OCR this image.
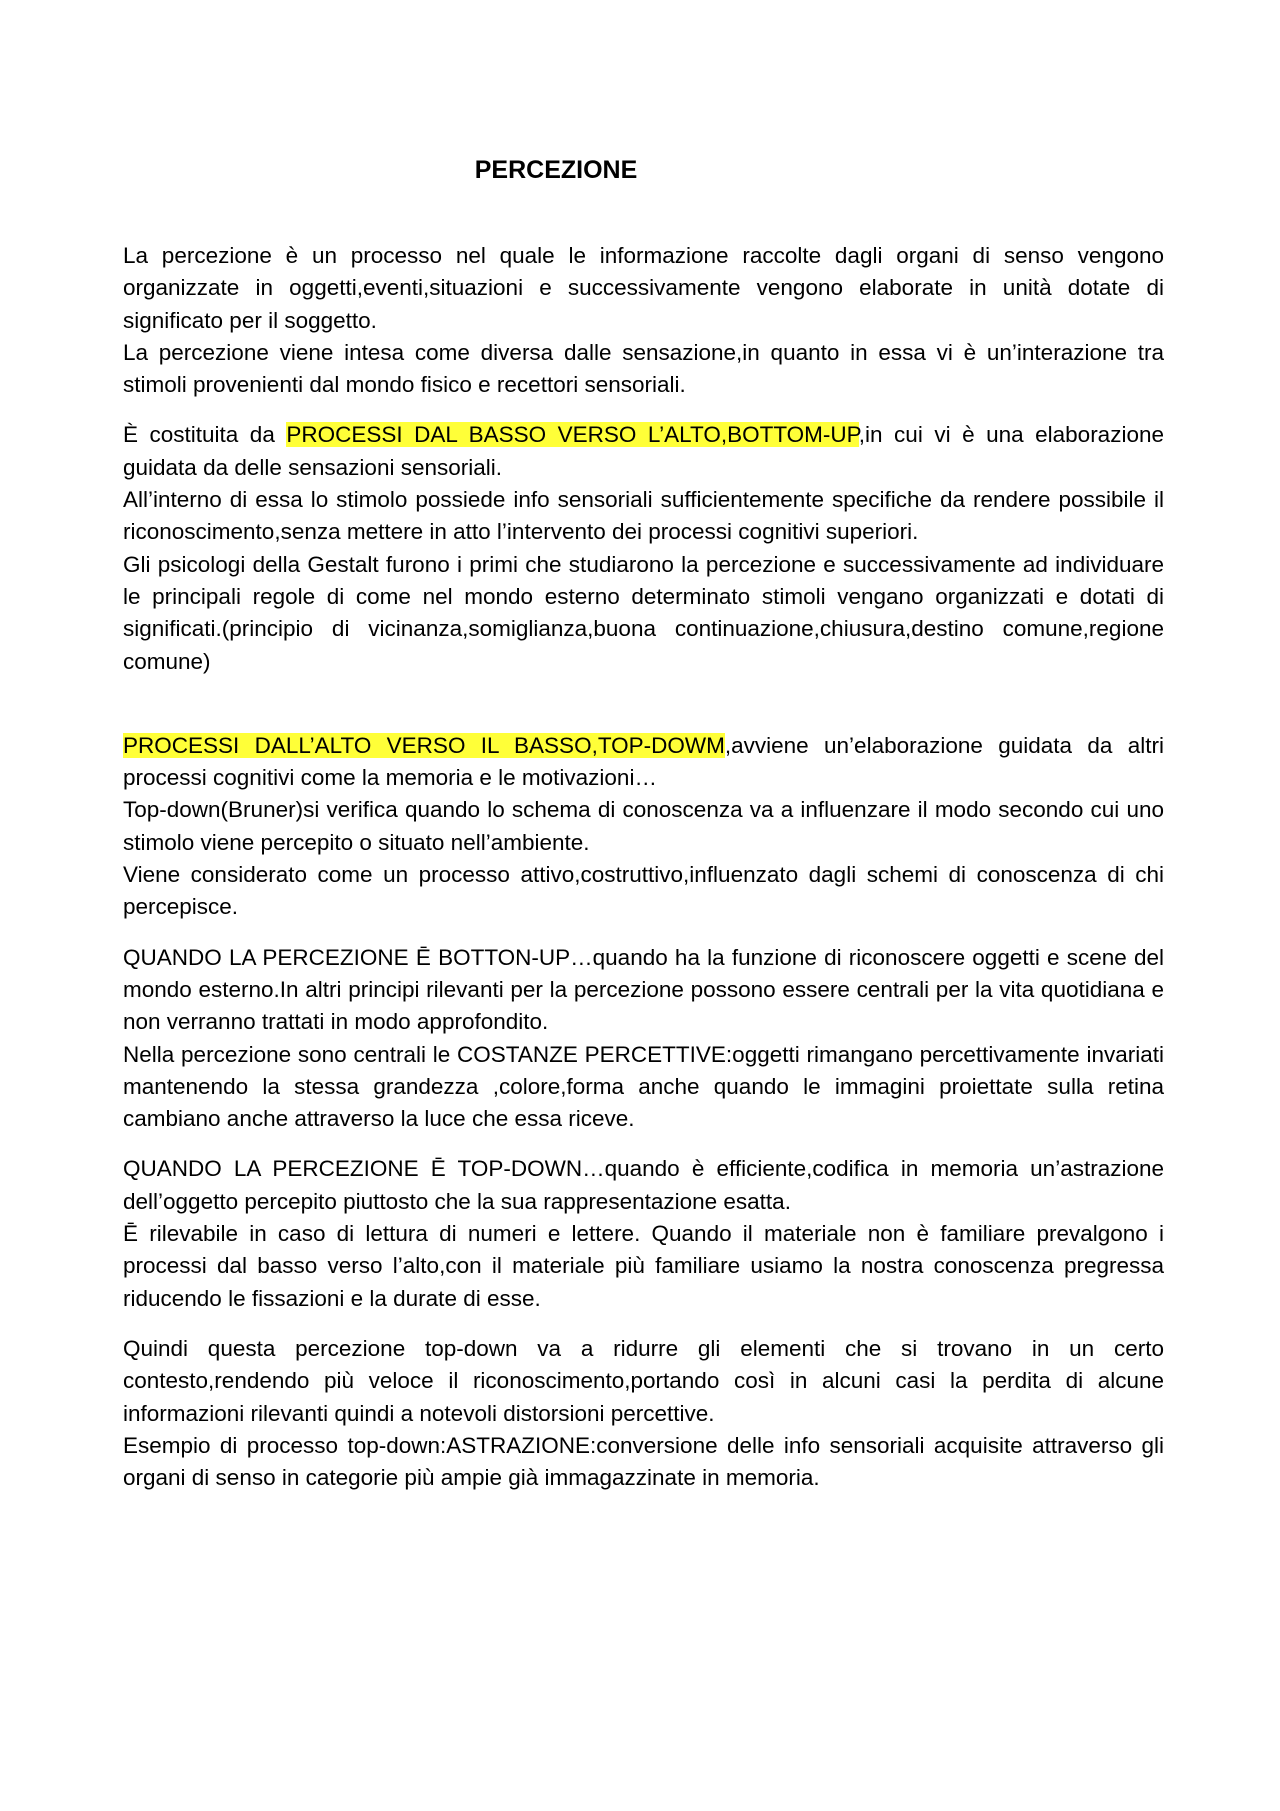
PERCEZIONE

La percezione è un processo nel quale le informazione raccolte dagli organi di senso vengono organizzate in oggetti,eventi,situazioni e successivamente vengono elaborate in unità dotate di significato per il soggetto.

La percezione viene intesa come diversa dalle sensazione,in quanto in essa vi è un’interazione tra stimoli provenienti dal mondo fisico e recettori sensoriali.

È costituita da PROCESSI DAL BASSO VERSO L’ALTO,BOTTOM-UP,in cui vi è una elaborazione guidata da delle sensazioni sensoriali.

All’interno di essa lo stimolo possiede info sensoriali sufficientemente specifiche da rendere possibile il riconoscimento,senza mettere in atto l’intervento dei processi cognitivi superiori.

Gli psicologi della Gestalt furono i primi che studiarono la percezione e successivamente ad individuare le principali regole di come nel mondo esterno determinato stimoli vengano organizzati e dotati di significati.(principio di vicinanza,somiglianza,buona continuazione,chiusura,destino comune,regione comune)

PROCESSI DALL’ALTO VERSO IL BASSO,TOP-DOWM,avviene un’elaborazione guidata da altri processi cognitivi come la memoria e le motivazioni…

Top-down(Bruner)si verifica quando lo schema di conoscenza va a influenzare il modo secondo cui uno stimolo viene percepito o situato nell’ambiente.

Viene considerato come un processo attivo,costruttivo,influenzato dagli schemi di conoscenza di chi percepisce.

QUANDO LA PERCEZIONE Ē BOTTON-UP…quando ha la funzione di riconoscere oggetti e scene del mondo esterno.In altri principi rilevanti per la percezione possono essere centrali per la vita quotidiana e non verranno trattati in modo approfondito.

Nella percezione sono centrali le COSTANZE PERCETTIVE:oggetti rimangano percettivamente invariati mantenendo la stessa grandezza ,colore,forma anche quando le immagini proiettate sulla retina cambiano anche attraverso la luce che essa riceve.

QUANDO LA PERCEZIONE Ē TOP-DOWN…quando è efficiente,codifica in memoria un’astrazione dell’oggetto percepito piuttosto che la sua rappresentazione esatta.

Ē rilevabile in caso di lettura di numeri e lettere. Quando il materiale non è familiare prevalgono i processi dal basso verso l’alto,con il materiale più familiare usiamo la nostra conoscenza pregressa riducendo le fissazioni e la durate di esse.

Quindi questa percezione top-down va a ridurre gli elementi che si trovano in un certo contesto,rendendo più veloce il riconoscimento,portando così in alcuni casi la perdita di alcune informazioni rilevanti quindi a notevoli distorsioni percettive.

Esempio di processo top-down:ASTRAZIONE:conversione delle info sensoriali acquisite attraverso gli organi di senso in categorie più ampie già immagazzinate in memoria.
